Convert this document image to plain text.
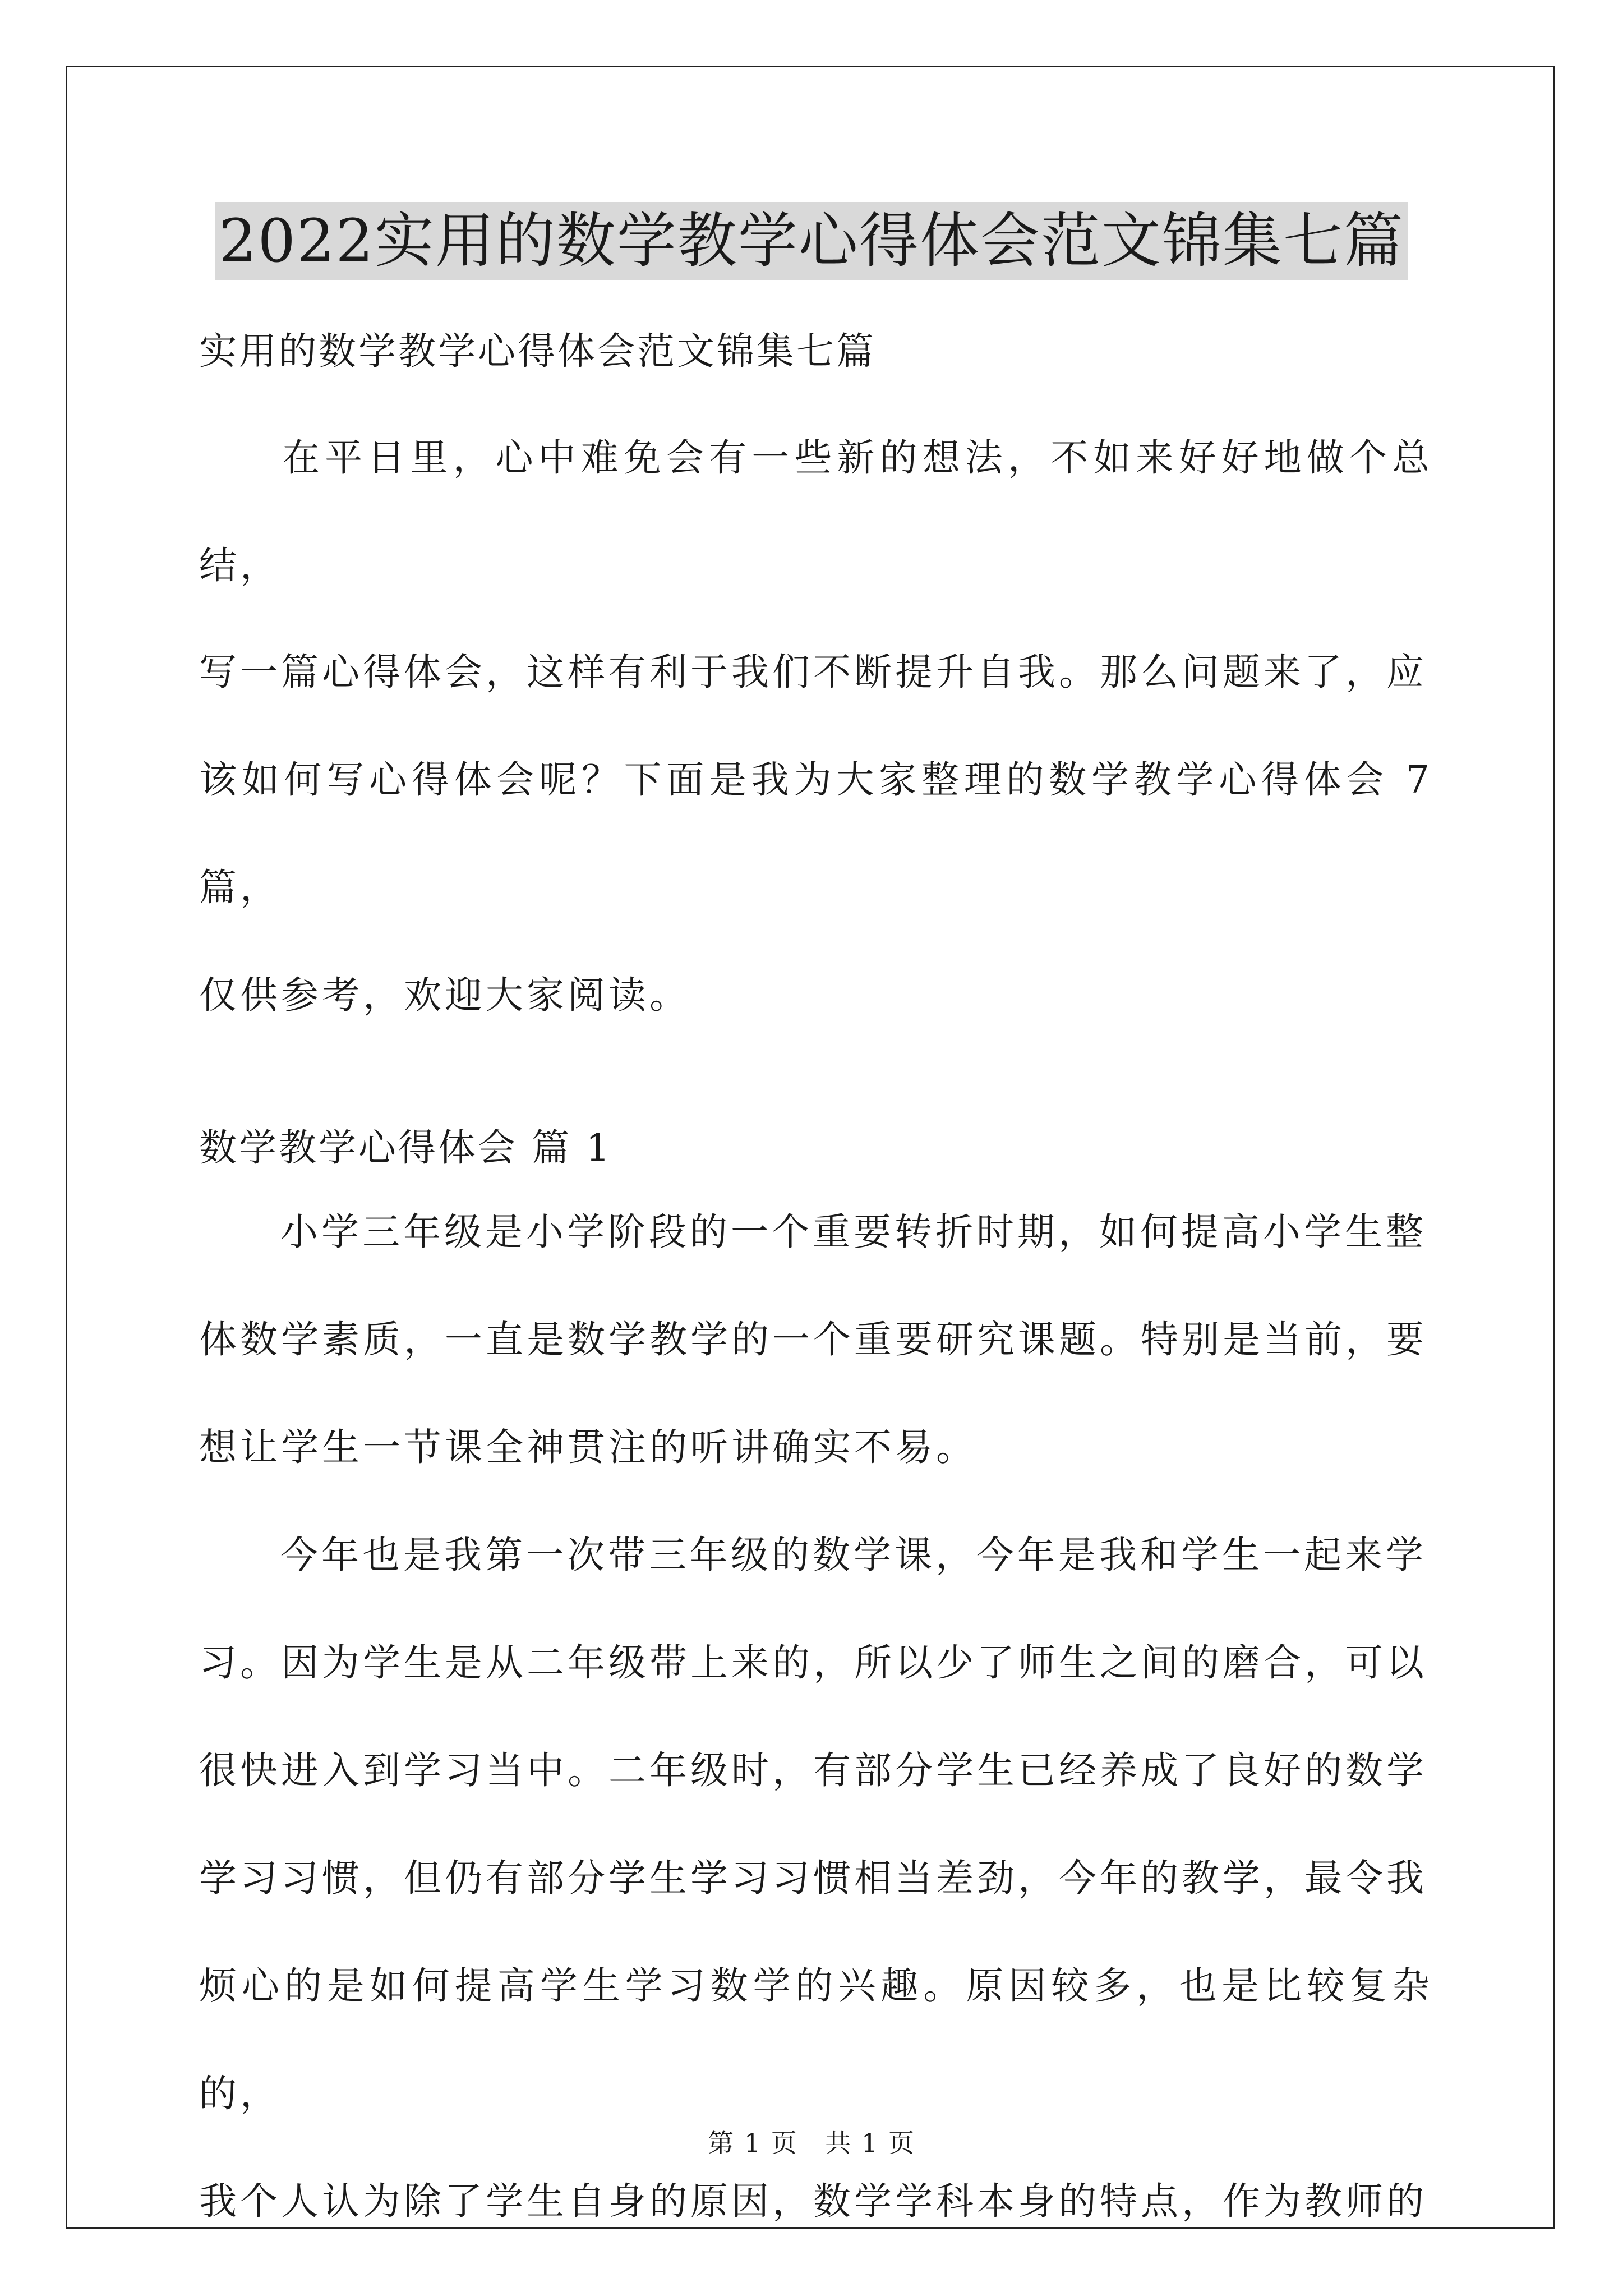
2022实用的数学教学心得体会范文锦集七篇

实用的数学教学心得体会范文锦集七篇

在平日里，心中难免会有一些新的想法，不如来好好地做个总结，

写一篇心得体会，这样有利于我们不断提升自我。那么问题来了，应

该如何写心得体会呢？下面是我为大家整理的数学教学心得体会 7 篇，

仅供参考，欢迎大家阅读。

数学教学心得体会 篇 1

小学三年级是小学阶段的一个重要转折时期，如何提高小学生整

体数学素质，一直是数学教学的一个重要研究课题。特别是当前，要

想让学生一节课全神贯注的听讲确实不易。

今年也是我第一次带三年级的数学课，今年是我和学生一起来学

习。因为学生是从二年级带上来的，所以少了师生之间的磨合，可以

很快进入到学习当中。二年级时，有部分学生已经养成了良好的数学

学习习惯，但仍有部分学生学习习惯相当差劲，今年的教学，最令我

烦心的是如何提高学生学习数学的兴趣。原因较多，也是比较复杂的，

我个人认为除了学生自身的原因，数学学科本身的特点，作为教师的

第 1 页 共 1 页
